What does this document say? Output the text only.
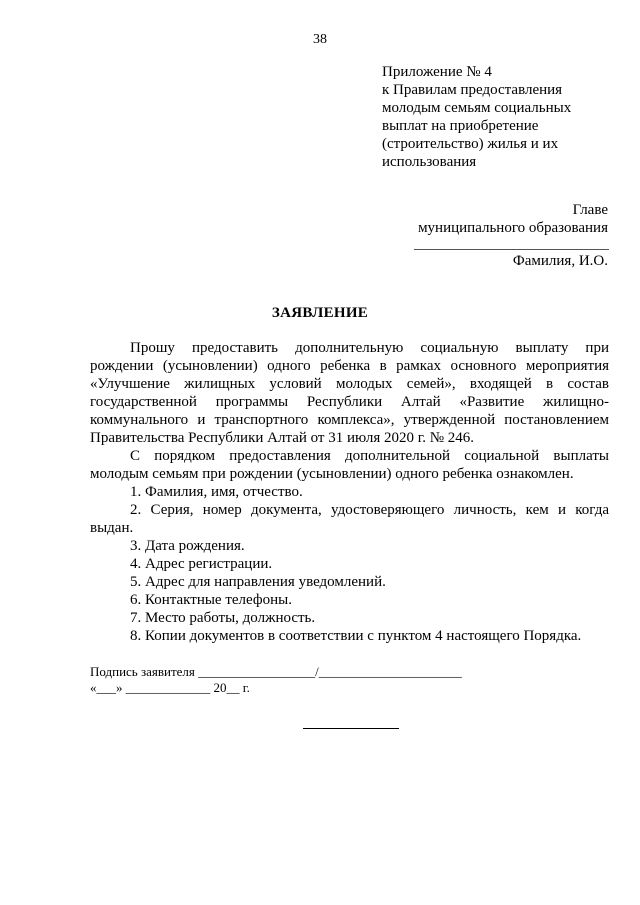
38
Приложение № 4
к Правилам предоставления
молодым семьям социальных
выплат на приобретение
(строительство) жилья и их
использования
Главе
муниципального образования
Фамилия, И.О.
ЗАЯВЛЕНИЕ

Прошу предоставить дополнительную социальную выплату при рождении (усыновлении) одного ребенка в рамках основного мероприятия «Улучшение жилищных условий молодых семей», входящей в состав государственной программы Республики Алтай «Развитие жилищно-коммунального и транспортного комплекса», утвержденной постановлением Правительства Республики Алтай от 31 июля 2020 г. № 246.

С порядком предоставления дополнительной социальной выплаты молодым семьям при рождении (усыновлении) одного ребенка ознакомлен.

1. Фамилия, имя, отчество.

2. Серия, номер документа, удостоверяющего личность, кем и когда выдан.

3. Дата рождения.

4. Адрес регистрации.

5. Адрес для направления уведомлений.

6. Контактные телефоны.

7. Место работы, должность.

8. Копии документов в соответствии с пунктом 4 настоящего Порядка.

Подпись заявителя __________________/______________________
«___» _____________ 20__ г.
